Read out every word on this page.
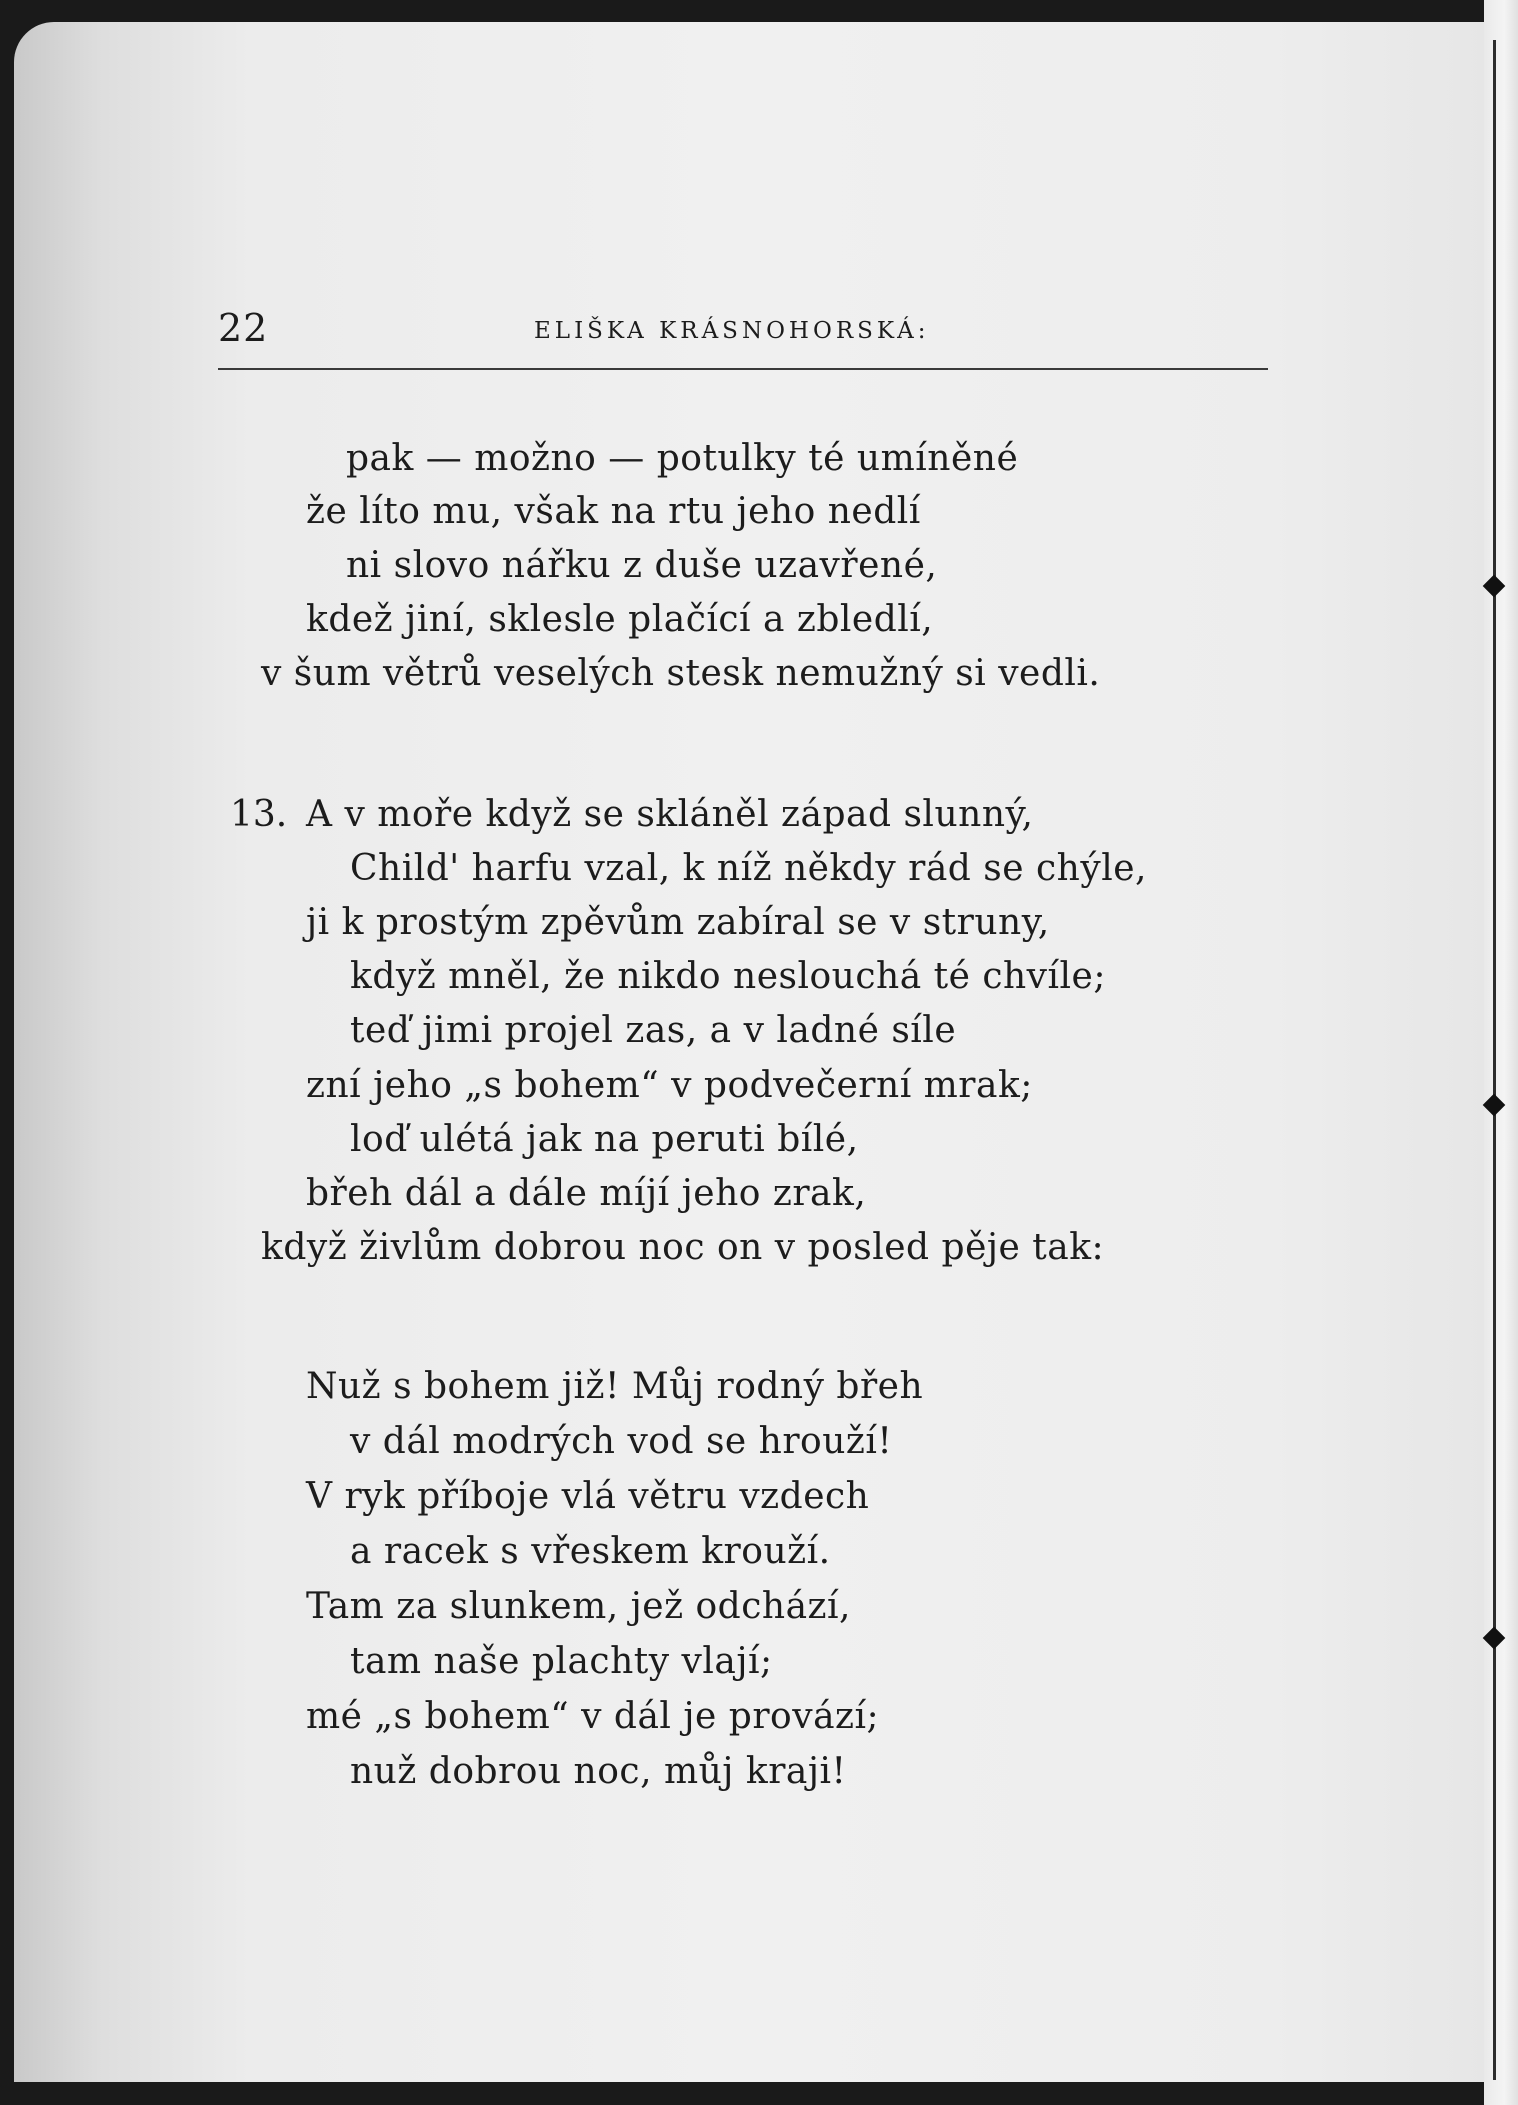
22	ELIŠKA KRÁSNOHORSKÁ:
pak — možno — potulky té umíněné
že líto mu, však na rtu jeho nedlí
ni slovo nářku z duše uzavřené,
kdež jiní, sklesle plačící a zbledlí,
v šum větrů veselých stesk nemužný si vedli.
13. A v moře když se skláněl západ slunný,
Child' harfu vzal, k níž někdy rád se chýle,
ji k prostým zpěvům zabíral se v struny,
když mněl, že nikdo neslouchá té chvíle;
teď jimi projel zas, a v ladné síle
zní jeho „s bohem“ v podvečerní mrak;
loď ulétá jak na peruti bílé,
břeh dál a dále míjí jeho zrak,
když živlům dobrou noc on v posled pěje tak:
Nuž s bohem již! Můj rodný břeh
v dál modrých vod se hrouží!
V ryk příboje vlá větru vzdech
a racek s vřeskem krouží.
Tam za slunkem, jež odchází,
tam naše plachty vlají;
mé „s bohem“ v dál je provází;
nuž dobrou noc, můj kraji!
